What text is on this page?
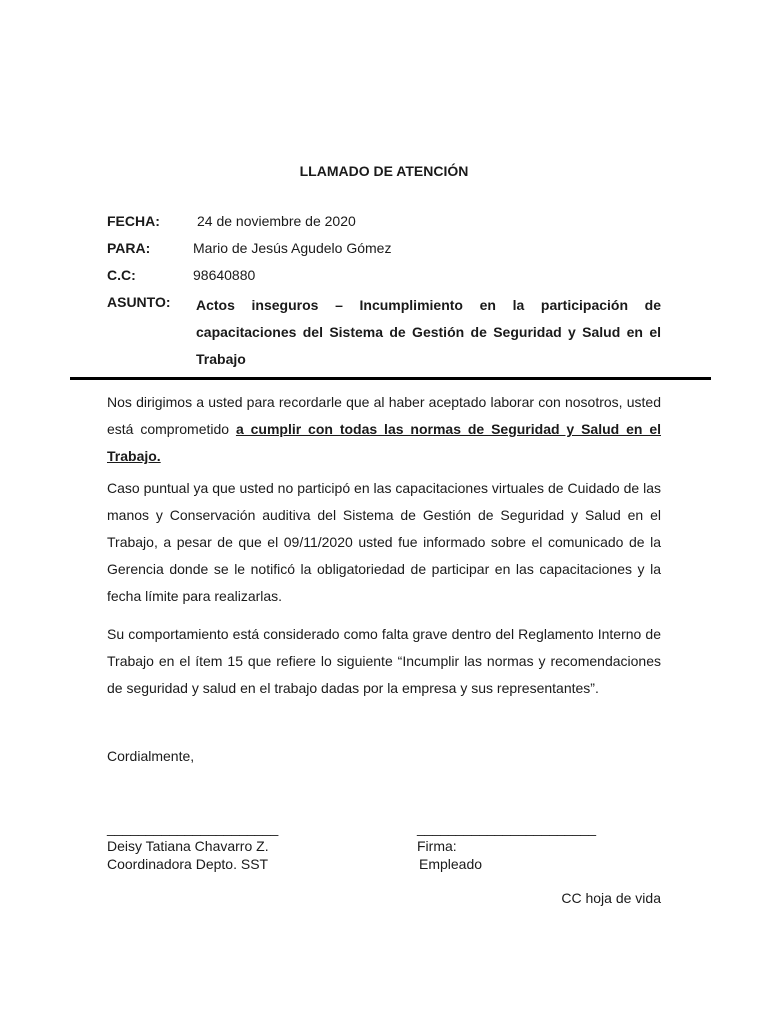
LLAMADO DE ATENCIÓN
FECHA:	24 de noviembre de 2020
PARA:	Mario de Jesús Agudelo Gómez
C.C:	98640880
ASUNTO: Actos inseguros – Incumplimiento en la participación de capacitaciones del Sistema de Gestión de Seguridad y Salud en el Trabajo
Nos dirigimos a usted para recordarle que al haber aceptado laborar con nosotros, usted está comprometido a cumplir con todas las normas de Seguridad y Salud en el Trabajo.
Caso puntual ya que usted no participó en las capacitaciones virtuales de Cuidado de las manos y Conservación auditiva del Sistema de Gestión de Seguridad y Salud en el Trabajo, a pesar de que el 09/11/2020 usted fue informado sobre el comunicado de la Gerencia donde se le notificó la obligatoriedad de participar en las capacitaciones y la fecha límite para realizarlas.
Su comportamiento está considerado como falta grave dentro del Reglamento Interno de Trabajo en el ítem 15 que refiere lo siguiente “Incumplir las normas y recomendaciones de seguridad y salud en el trabajo dadas por la empresa y sus representantes”.
Cordialmente,
______________________
Deisy Tatiana Chavarro Z.
Coordinadora Depto. SST
_______________________
Firma:
Empleado
CC hoja de vida
